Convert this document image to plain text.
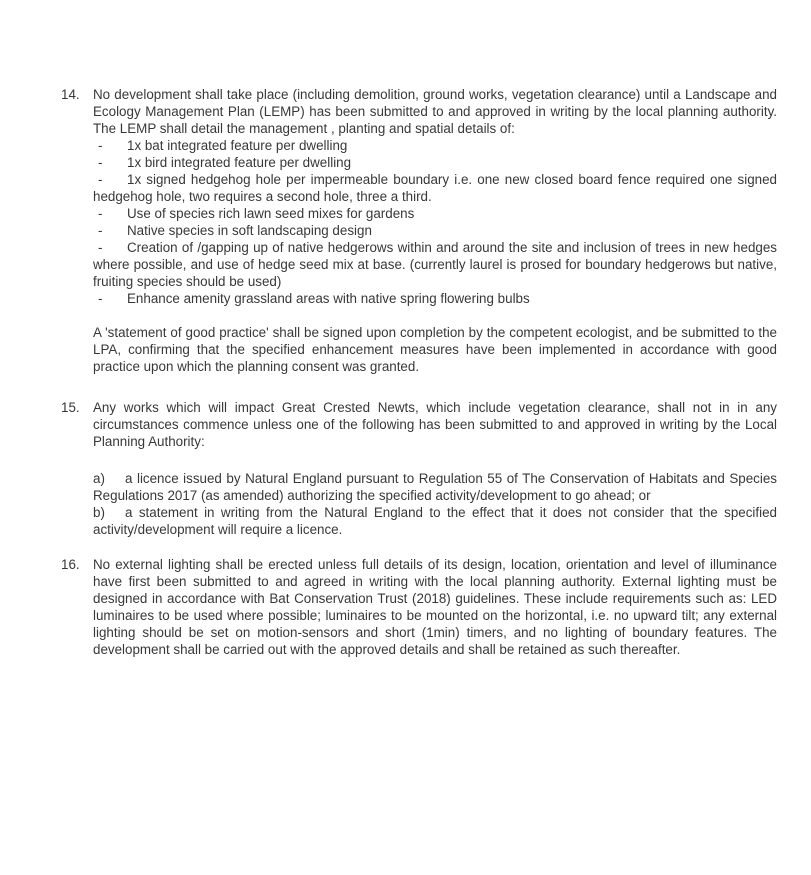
14. No development shall take place (including demolition, ground works, vegetation clearance) until a Landscape and Ecology Management Plan (LEMP) has been submitted to and approved in writing by the local planning authority. The LEMP shall detail the management , planting and spatial details of:

- 1x bat integrated feature per dwelling
- 1x bird integrated feature per dwelling
- 1x signed hedgehog hole per impermeable boundary i.e. one new closed board fence required one signed hedgehog hole, two requires a second hole, three a third.
- Use of species rich lawn seed mixes for gardens
- Native species in soft landscaping design
- Creation of /gapping up of native hedgerows within and around the site and inclusion of trees in new hedges where possible, and use of hedge seed mix at base. (currently laurel is prosed for boundary hedgerows but native, fruiting species should be used)
- Enhance amenity grassland areas with native spring flowering bulbs

A 'statement of good practice' shall be signed upon completion by the competent ecologist, and be submitted to the LPA, confirming that the specified enhancement measures have been implemented in accordance with good practice upon which the planning consent was granted.

15. Any works which will impact Great Crested Newts, which include vegetation clearance, shall not in in any circumstances commence unless one of the following has been submitted to and approved in writing by the Local Planning Authority:

a) a licence issued by Natural England pursuant to Regulation 55 of The Conservation of Habitats and Species Regulations 2017 (as amended) authorizing the specified activity/development to go ahead; or
b) a statement in writing from the Natural England to the effect that it does not consider that the specified activity/development will require a licence.
16. No external lighting shall be erected unless full details of its design, location, orientation and level of illuminance have first been submitted to and agreed in writing with the local planning authority. External lighting must be designed in accordance with Bat Conservation Trust (2018) guidelines. These include requirements such as: LED luminaires to be used where possible; luminaires to be mounted on the horizontal, i.e. no upward tilt; any external lighting should be set on motion-sensors and short (1min) timers, and no lighting of boundary features. The development shall be carried out with the approved details and shall be retained as such thereafter.
